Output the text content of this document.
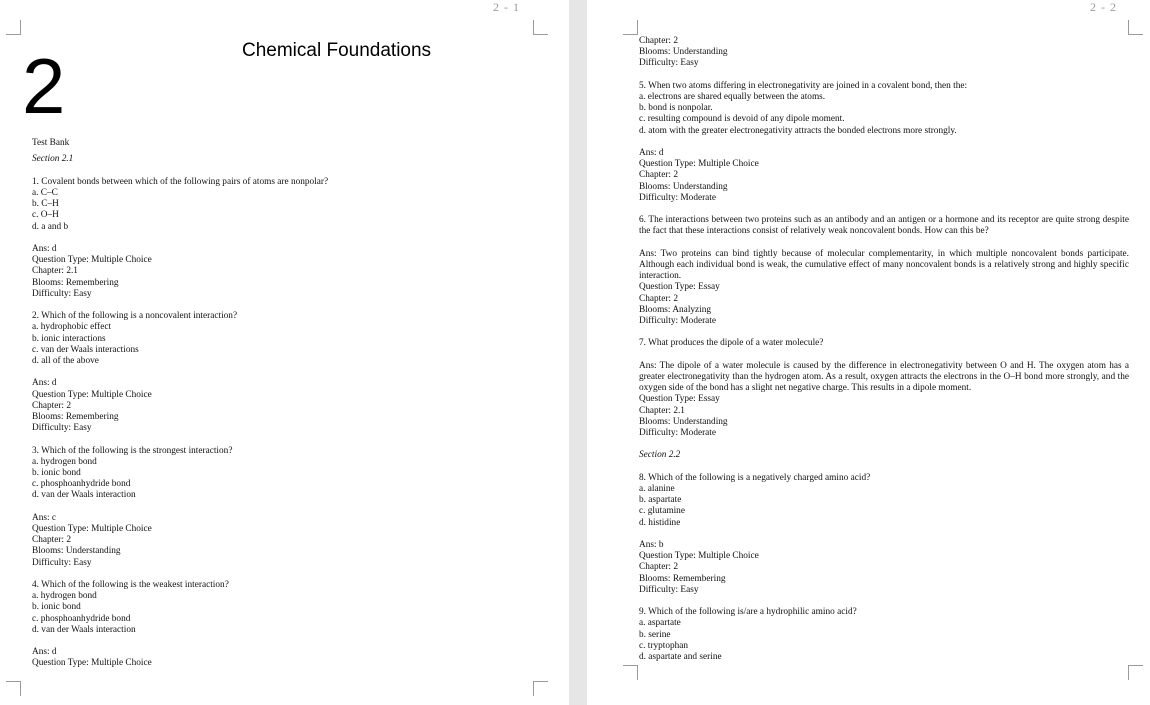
2 - 1
2	Chemical Foundations
Test Bank
Section 2.1
1. Covalent bonds between which of the following pairs of atoms are nonpolar?
a. C–C
b. C–H
c. O–H
d. a and b
Ans: d
Question Type: Multiple Choice
Chapter: 2.1
Blooms: Remembering
Difficulty: Easy
2. Which of the following is a noncovalent interaction?
a. hydrophobic effect
b. ionic interactions
c. van der Waals interactions
d. all of the above
Ans: d
Question Type: Multiple Choice
Chapter: 2
Blooms: Remembering
Difficulty: Easy
3. Which of the following is the strongest interaction?
a. hydrogen bond
b. ionic bond
c. phosphoanhydride bond
d. van der Waals interaction
Ans: c
Question Type: Multiple Choice
Chapter: 2
Blooms: Understanding
Difficulty: Easy
4. Which of the following is the weakest interaction?
a. hydrogen bond
b. ionic bond
c. phosphoanhydride bond
d. van der Waals interaction
Ans: d
Question Type: Multiple Choice
2 - 2
Chapter: 2
Blooms: Understanding
Difficulty: Easy
5. When two atoms differing in electronegativity are joined in a covalent bond, then the:
a. electrons are shared equally between the atoms.
b. bond is nonpolar.
c. resulting compound is devoid of any dipole moment.
d. atom with the greater electronegativity attracts the bonded electrons more strongly.
Ans: d
Question Type: Multiple Choice
Chapter: 2
Blooms: Understanding
Difficulty: Moderate
6. The interactions between two proteins such as an antibody and an antigen or a hormone and its receptor are quite strong despite the fact that these interactions consist of relatively weak noncovalent bonds. How can this be?
Ans: Two proteins can bind tightly because of molecular complementarity, in which multiple noncovalent bonds participate. Although each individual bond is weak, the cumulative effect of many noncovalent bonds is a relatively strong and highly specific interaction.
Question Type: Essay
Chapter: 2
Blooms: Analyzing
Difficulty: Moderate
7. What produces the dipole of a water molecule?
Ans: The dipole of a water molecule is caused by the difference in electronegativity between O and H. The oxygen atom has a greater electronegativity than the hydrogen atom. As a result, oxygen attracts the electrons in the O–H bond more strongly, and the oxygen side of the bond has a slight net negative charge. This results in a dipole moment.
Question Type: Essay
Chapter: 2.1
Blooms: Understanding
Difficulty: Moderate
Section 2.2
8. Which of the following is a negatively charged amino acid?
a. alanine
b. aspartate
c. glutamine
d. histidine
Ans: b
Question Type: Multiple Choice
Chapter: 2
Blooms: Remembering
Difficulty: Easy
9. Which of the following is/are a hydrophilic amino acid?
a. aspartate
b. serine
c. tryptophan
d. aspartate and serine
